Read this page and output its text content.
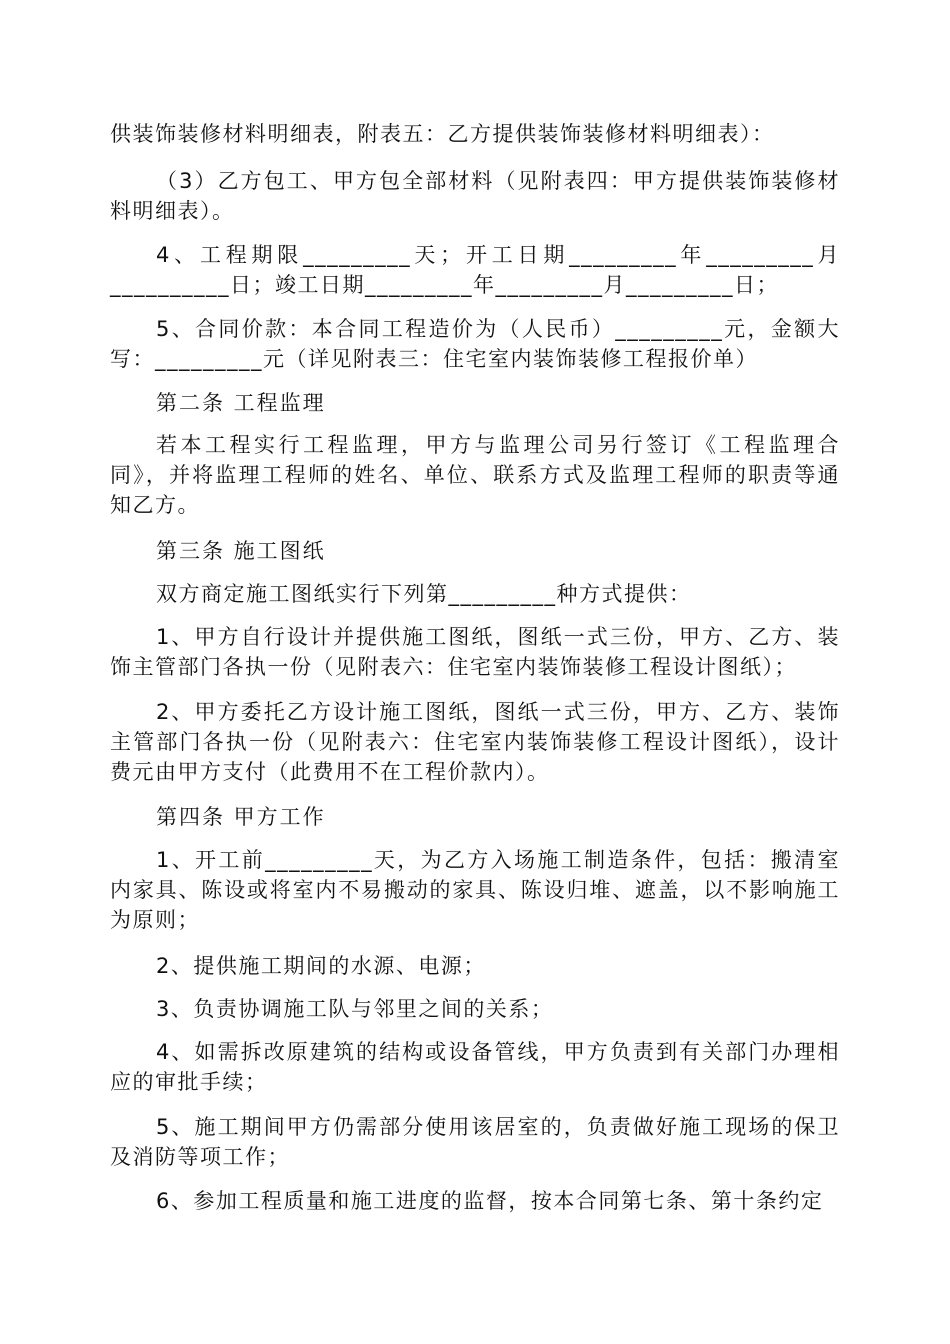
供装饰装修材料明细表，附表五：乙方提供装饰装修材料明细表）：

（3）乙方包工、甲方包全部材料（见附表四：甲方提供装饰装修材料明细表）。

4、工程期限_________天；开工日期_________年_________月__________日；竣工日期_________年_________月_________日；

5、合同价款：本合同工程造价为（人民币）_________元，金额大写：_________元（详见附表三：住宅室内装饰装修工程报价单）

第二条 工程监理

若本工程实行工程监理，甲方与监理公司另行签订《工程监理合同》，并将监理工程师的姓名、单位、联系方式及监理工程师的职责等通知乙方。

第三条 施工图纸

双方商定施工图纸实行下列第_________种方式提供：

1、甲方自行设计并提供施工图纸，图纸一式三份，甲方、乙方、装饰主管部门各执一份（见附表六：住宅室内装饰装修工程设计图纸）；

2、甲方委托乙方设计施工图纸，图纸一式三份，甲方、乙方、装饰主管部门各执一份（见附表六：住宅室内装饰装修工程设计图纸），设计费元由甲方支付（此费用不在工程价款内）。

第四条 甲方工作

1、开工前_________天，为乙方入场施工制造条件，包括：搬清室内家具、陈设或将室内不易搬动的家具、陈设归堆、遮盖，以不影响施工为原则；

2、提供施工期间的水源、电源；

3、负责协调施工队与邻里之间的关系；

4、如需拆改原建筑的结构或设备管线，甲方负责到有关部门办理相应的审批手续；

5、施工期间甲方仍需部分使用该居室的，负责做好施工现场的保卫及消防等项工作；

6、参加工程质量和施工进度的监督，按本合同第七条、第十条约定
